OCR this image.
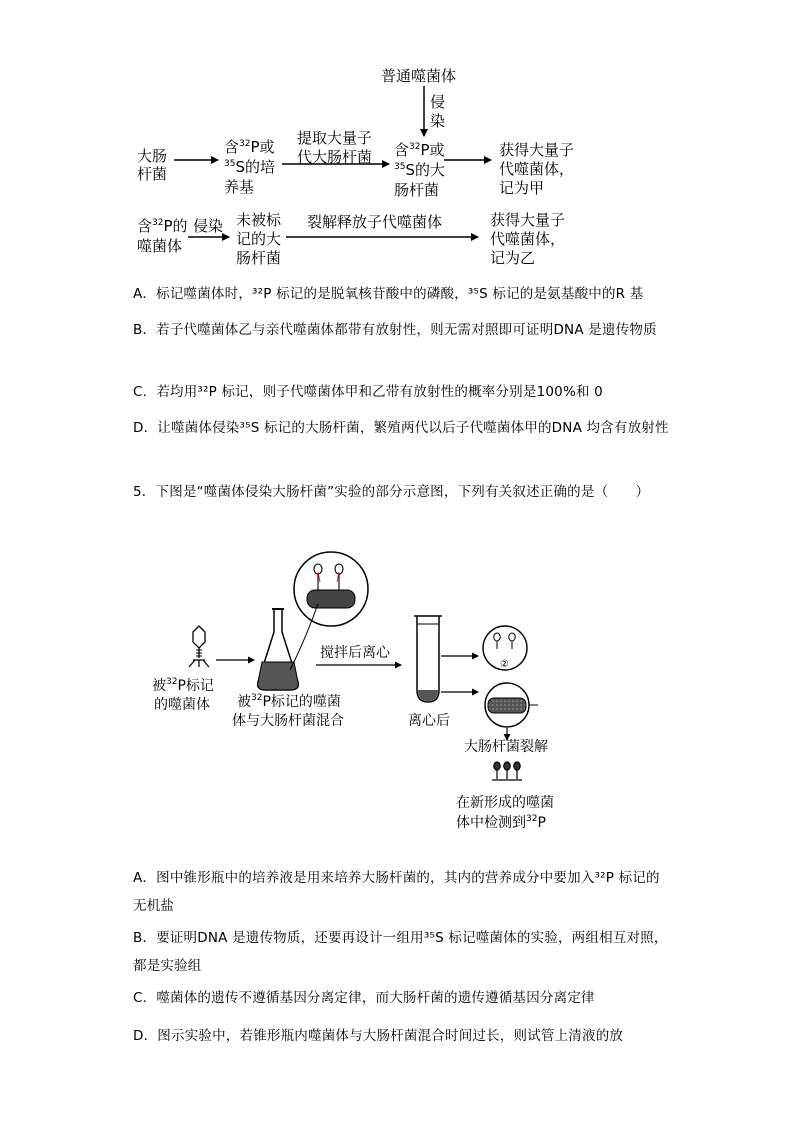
普通噬菌体
侵
染
大肠
杆菌
含$^{32}$P或
$^{35}$S的培
养基
提取大量子
代大肠杆菌 含$^{32}$P或
$^{35}$S的大
肠杆菌
获得大量子
代噬菌体，
记为甲
含$^{32}$P的
噬菌体
侵染 未被标
记的大
肠杆菌
裂解释放子代噬菌体	获得大量子
代噬菌体，
记为乙
A．标记噬菌体时，³²P 标记的是脱氧核苷酸中的磷酸，³⁵S 标记的是氨基酸中的R 基
B．若子代噬菌体乙与亲代噬菌体都带有放射性，则无需对照即可证明DNA 是遗传物质
C．若均用³²P 标记，则子代噬菌体甲和乙带有放射性的概率分别是100%和 0
D．让噬菌体侵染³⁵S 标记的大肠杆菌，繁殖两代以后子代噬菌体甲的DNA 均含有放射性
5．下图是“噬菌体侵染大肠杆菌”实验的部分示意图，下列有关叙述正确的是（　　）
被$^{32}$P标记
的噬菌体 被$^{32}$P标记的噬菌
体与大肠杆菌混合
搅拌后离心
离心后
②
大肠杆菌裂解
在新形成的噬菌
体中检测到$^{32}$P
A．图中锥形瓶中的培养液是用来培养大肠杆菌的，其内的营养成分中要加入³²P 标记的无机盐
B．要证明DNA 是遗传物质，还要再设计一组用³⁵S 标记噬菌体的实验，两组相互对照，都是实验组
C．噬菌体的遗传不遵循基因分离定律，而大肠杆菌的遗传遵循基因分离定律
D．图示实验中，若锥形瓶内噬菌体与大肠杆菌混合时间过长，则试管上清液的放
